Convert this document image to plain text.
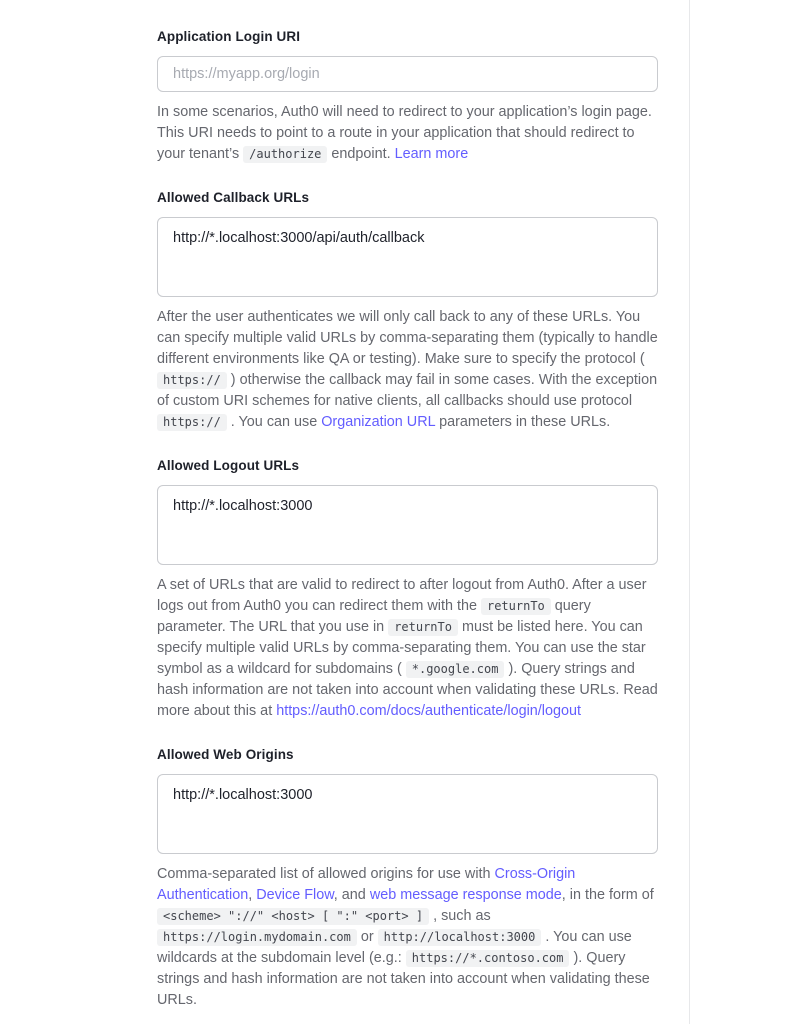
Application Login URI
https://myapp.org/login

In some scenarios, Auth0 will need to redirect to your application’s login page. This URI needs to point to a route in your application that should redirect to your tenant’s /authorize endpoint. Learn more

Allowed Callback URLs
http://*.localhost:3000/api/auth/callback

After the user authenticates we will only call back to any of these URLs. You can specify multiple valid URLs by comma-separating them (typically to handle different environments like QA or testing). Make sure to specify the protocol ( https:// ) otherwise the callback may fail in some cases. With the exception of custom URI schemes for native clients, all callbacks should use protocol https:// . You can use Organization URL parameters in these URLs.

Allowed Logout URLs
http://*.localhost:3000

A set of URLs that are valid to redirect to after logout from Auth0. After a user logs out from Auth0 you can redirect them with the returnTo query parameter. The URL that you use in returnTo must be listed here. You can specify multiple valid URLs by comma-separating them. You can use the star symbol as a wildcard for subdomains ( *.google.com ). Query strings and hash information are not taken into account when validating these URLs. Read more about this at https://auth0.com/docs/authenticate/login/logout

Allowed Web Origins
http://*.localhost:3000

Comma-separated list of allowed origins for use with Cross-Origin Authentication, Device Flow, and web message response mode, in the form of <scheme> "://" <host> [ ":" <port> ] , such as https://login.mydomain.com or http://localhost:3000 . You can use wildcards at the subdomain level (e.g.: https://*.contoso.com ). Query strings and hash information are not taken into account when validating these URLs.
